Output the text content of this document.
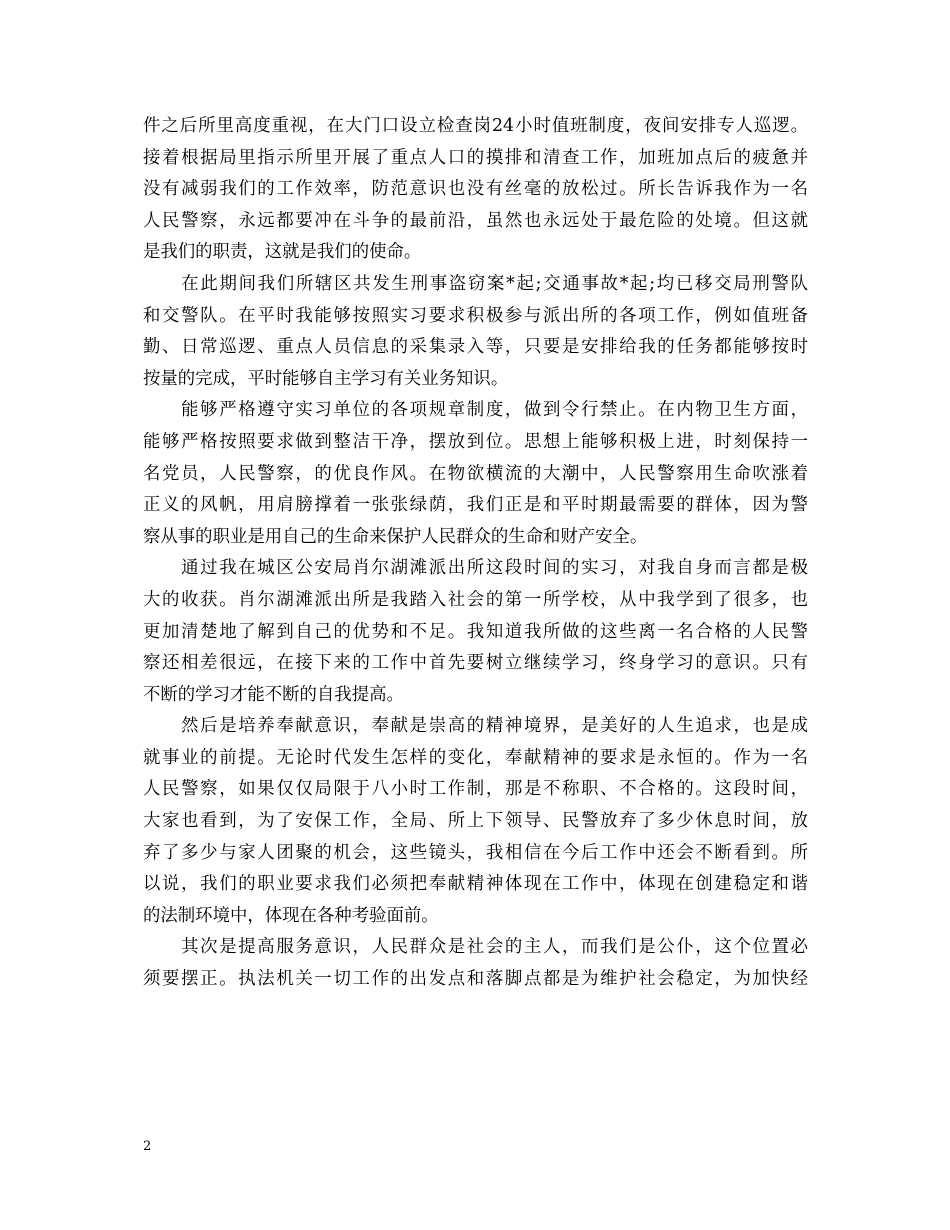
件之后所里高度重视，在大门口设立检查岗24小时值班制度，夜间安排专人巡逻。
接着根据局里指示所里开展了重点人口的摸排和清查工作，加班加点后的疲惫并
没有减弱我们的工作效率，防范意识也没有丝毫的放松过。所长告诉我作为一名
人民警察，永远都要冲在斗争的最前沿，虽然也永远处于最危险的处境。但这就
是我们的职责，这就是我们的使命。
　　在此期间我们所辖区共发生刑事盗窃案*起;交通事故*起;均已移交局刑警队
和交警队。在平时我能够按照实习要求积极参与派出所的各项工作，例如值班备
勤、日常巡逻、重点人员信息的采集录入等，只要是安排给我的任务都能够按时
按量的完成，平时能够自主学习有关业务知识。
　　能够严格遵守实习单位的各项规章制度，做到令行禁止。在内物卫生方面，
能够严格按照要求做到整洁干净，摆放到位。思想上能够积极上进，时刻保持一
名党员，人民警察，的优良作风。在物欲横流的大潮中，人民警察用生命吹涨着
正义的风帆，用肩膀撑着一张张绿荫，我们正是和平时期最需要的群体，因为警
察从事的职业是用自己的生命来保护人民群众的生命和财产安全。
　　通过我在城区公安局肖尔湖滩派出所这段时间的实习，对我自身而言都是极
大的收获。肖尔湖滩派出所是我踏入社会的第一所学校，从中我学到了很多，也
更加清楚地了解到自己的优势和不足。我知道我所做的这些离一名合格的人民警
察还相差很远，在接下来的工作中首先要树立继续学习，终身学习的意识。只有
不断的学习才能不断的自我提高。
　　然后是培养奉献意识，奉献是崇高的精神境界，是美好的人生追求，也是成
就事业的前提。无论时代发生怎样的变化，奉献精神的要求是永恒的。作为一名
人民警察，如果仅仅局限于八小时工作制，那是不称职、不合格的。这段时间，
大家也看到，为了安保工作，全局、所上下领导、民警放弃了多少休息时间，放
弃了多少与家人团聚的机会，这些镜头，我相信在今后工作中还会不断看到。所
以说，我们的职业要求我们必须把奉献精神体现在工作中，体现在创建稳定和谐
的法制环境中，体现在各种考验面前。
　　其次是提高服务意识，人民群众是社会的主人，而我们是公仆，这个位置必
须要摆正。执法机关一切工作的出发点和落脚点都是为维护社会稳定，为加快经
2
